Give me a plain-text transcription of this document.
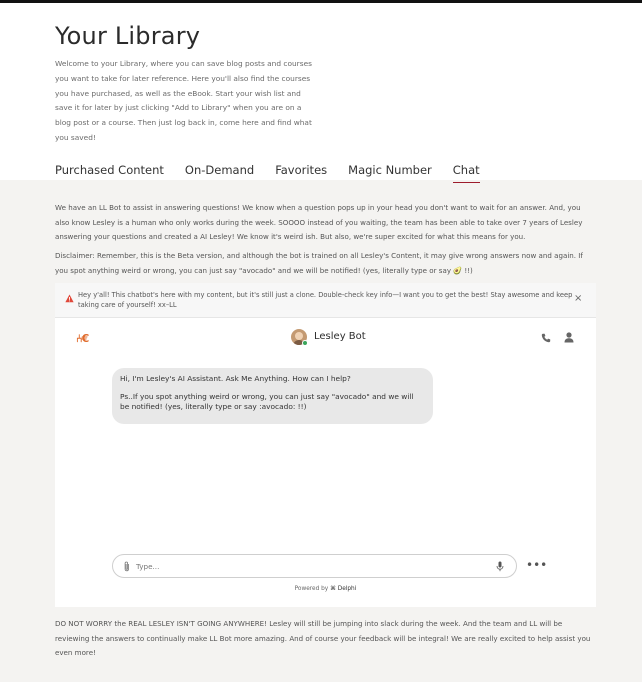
Your Library
Welcome to your Library, where you can save blog posts and courses you want to take for later reference. Here you'll also find the courses you have purchased, as well as the eBook. Start your wish list and save it for later by just clicking "Add to Library" when you are on a blog post or a course. Then just log back in, come here and find what you saved!
Purchased Content On-Demand Favorites Magic Number Chat
We have an LL Bot to assist in answering questions! We know when a question pops up in your head you don't want to wait for an answer. And, you also know Lesley is a human who only works during the week. SOOOO instead of you waiting, the team has been able to take over 7 years of Lesley answering your questions and created a AI Lesley! We know it's weird ish. But also, we're super excited for what this means for you.
Disclaimer: Remember, this is the Beta version, and although the bot is trained on all Lesley's Content, it may give wrong answers now and again. If you spot anything weird or wrong, you can just say "avocado" and we will be notified! (yes, literally type or say 🥑 !!)
Hey y'all! This chatbot's here with my content, but it's still just a clone. Double-check key info—I want you to get the best! Stay awesome and keep taking care of yourself! xx–LL
×
⑃€	Lesley Bot

Hi, I'm Lesley's AI Assistant. Ask Me Anything. How can I help?

Ps..If you spot anything weird or wrong, you can just say "avocado" and we will be notified! (yes, literally type or say :avocado: !!)

Type...	•••
Powered by ⌘ Delphi
DO NOT WORRY the REAL LESLEY ISN'T GOING ANYWHERE! Lesley will still be jumping into slack during the week. And the team and LL will be reviewing the answers to continually make LL Bot more amazing. And of course your feedback will be integral! We are really excited to help assist you even more!
